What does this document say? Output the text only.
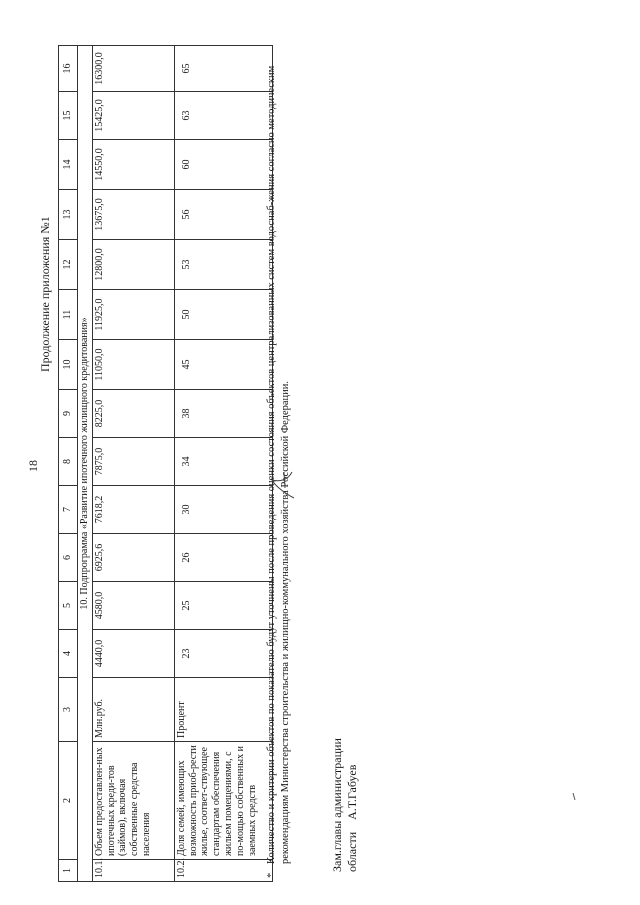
18
Продолжение приложения №1
1	2	3	4	5	6	7	8	9	10	11	12	13	14	15	16
10. Подпрограмма «Развитие ипотечного жилищного кредитования»															
10.1.	Объем предоставлен-ных ипотечных креди-тов (займов), включая собственные средства населения	Млн.руб.	4440,0	4580,0	6925,6	7618,2	7875,0	8225,0	11050,0	11925,0	12800,0	13675,0	14550,0	15425,0	16300,0
10.2.	Доля семей, имеющих возможность приоб-рести жилье, соответ-ствующее стандартам обеспечения жильем помещениями, с по-мощью собственных и заемных средств	Процент	23	25	26	30	34	38	45	50	53	56	60	63	65
*
Количество и критерии объектов по показателю будут уточнены после проведения оценки состояния объектов централизованных систем водоснаб-жения согласно методическим рекомендациям Министерства строительства и жилищно-коммунального хозяйства Российской Федерации.	Зам.главы администрации области    А.Т.Габуев
